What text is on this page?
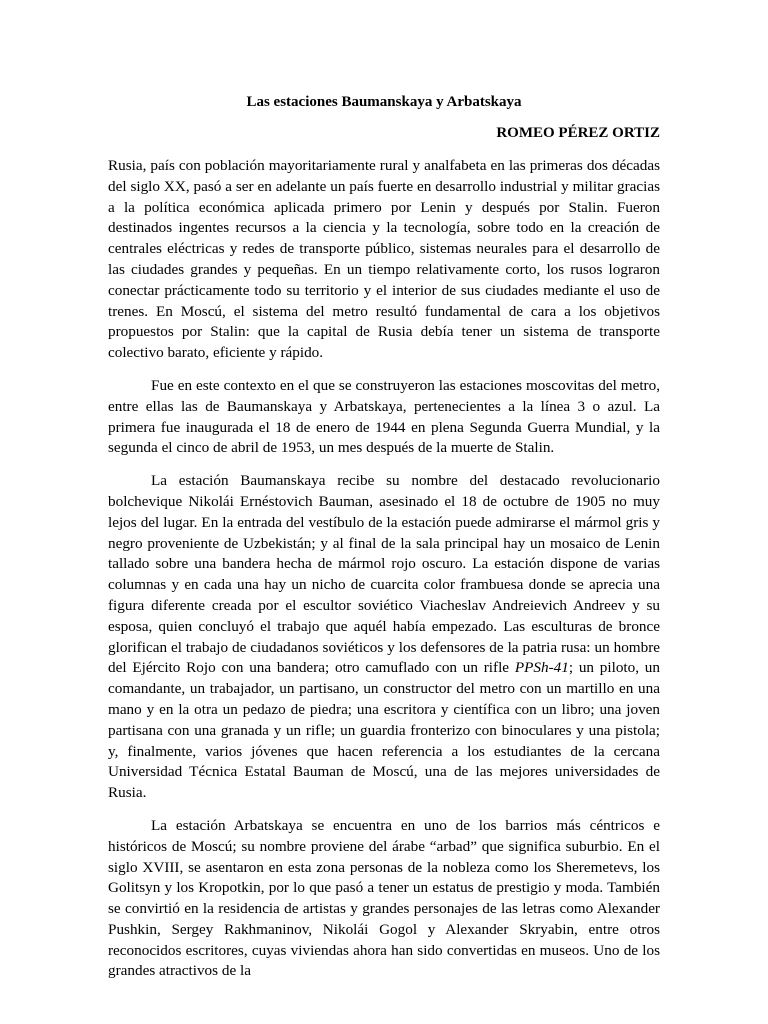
Las estaciones Baumanskaya y Arbatskaya
ROMEO PÉREZ ORTIZ

Rusia, país con población mayoritariamente rural y analfabeta en las primeras dos décadas del siglo XX, pasó a ser en adelante un país fuerte en desarrollo industrial y militar gracias a la política económica aplicada primero por Lenin y después por Stalin. Fueron destinados ingentes recursos a la ciencia y la tecnología, sobre todo en la creación de centrales eléctricas y redes de transporte público, sistemas neurales para el desarrollo de las ciudades grandes y pequeñas. En un tiempo relativamente corto, los rusos lograron conectar prácticamente todo su territorio y el interior de sus ciudades mediante el uso de trenes. En Moscú, el sistema del metro resultó fundamental de cara a los objetivos propuestos por Stalin: que la capital de Rusia debía tener un sistema de transporte colectivo barato, eficiente y rápido.

Fue en este contexto en el que se construyeron las estaciones moscovitas del metro, entre ellas las de Baumanskaya y Arbatskaya, pertenecientes a la línea 3 o azul. La primera fue inaugurada el 18 de enero de 1944 en plena Segunda Guerra Mundial, y la segunda el cinco de abril de 1953, un mes después de la muerte de Stalin.

La estación Baumanskaya recibe su nombre del destacado revolucionario bolchevique Nikolái Ernéstovich Bauman, asesinado el 18 de octubre de 1905 no muy lejos del lugar. En la entrada del vestíbulo de la estación puede admirarse el mármol gris y negro proveniente de Uzbekistán; y al final de la sala principal hay un mosaico de Lenin tallado sobre una bandera hecha de mármol rojo oscuro. La estación dispone de varias columnas y en cada una hay un nicho de cuarcita color frambuesa donde se aprecia una figura diferente creada por el escultor soviético Viacheslav Andreievich Andreev y su esposa, quien concluyó el trabajo que aquél había empezado. Las esculturas de bronce glorifican el trabajo de ciudadanos soviéticos y los defensores de la patria rusa: un hombre del Ejército Rojo con una bandera; otro camuflado con un rifle PPSh-41; un piloto, un comandante, un trabajador, un partisano, un constructor del metro con un martillo en una mano y en la otra un pedazo de piedra; una escritora y científica con un libro; una joven partisana con una granada y un rifle; un guardia fronterizo con binoculares y una pistola; y, finalmente, varios jóvenes que hacen referencia a los estudiantes de la cercana Universidad Técnica Estatal Bauman de Moscú, una de las mejores universidades de Rusia.

La estación Arbatskaya se encuentra en uno de los barrios más céntricos e históricos de Moscú; su nombre proviene del árabe “arbad” que significa suburbio. En el siglo XVIII, se asentaron en esta zona personas de la nobleza como los Sheremetevs, los Golitsyn y los Kropotkin, por lo que pasó a tener un estatus de prestigio y moda. También se convirtió en la residencia de artistas y grandes personajes de las letras como Alexander Pushkin, Sergey Rakhmaninov, Nikolái Gogol y Alexander Skryabin, entre otros reconocidos escritores, cuyas viviendas ahora han sido convertidas en museos. Uno de los grandes atractivos de la
